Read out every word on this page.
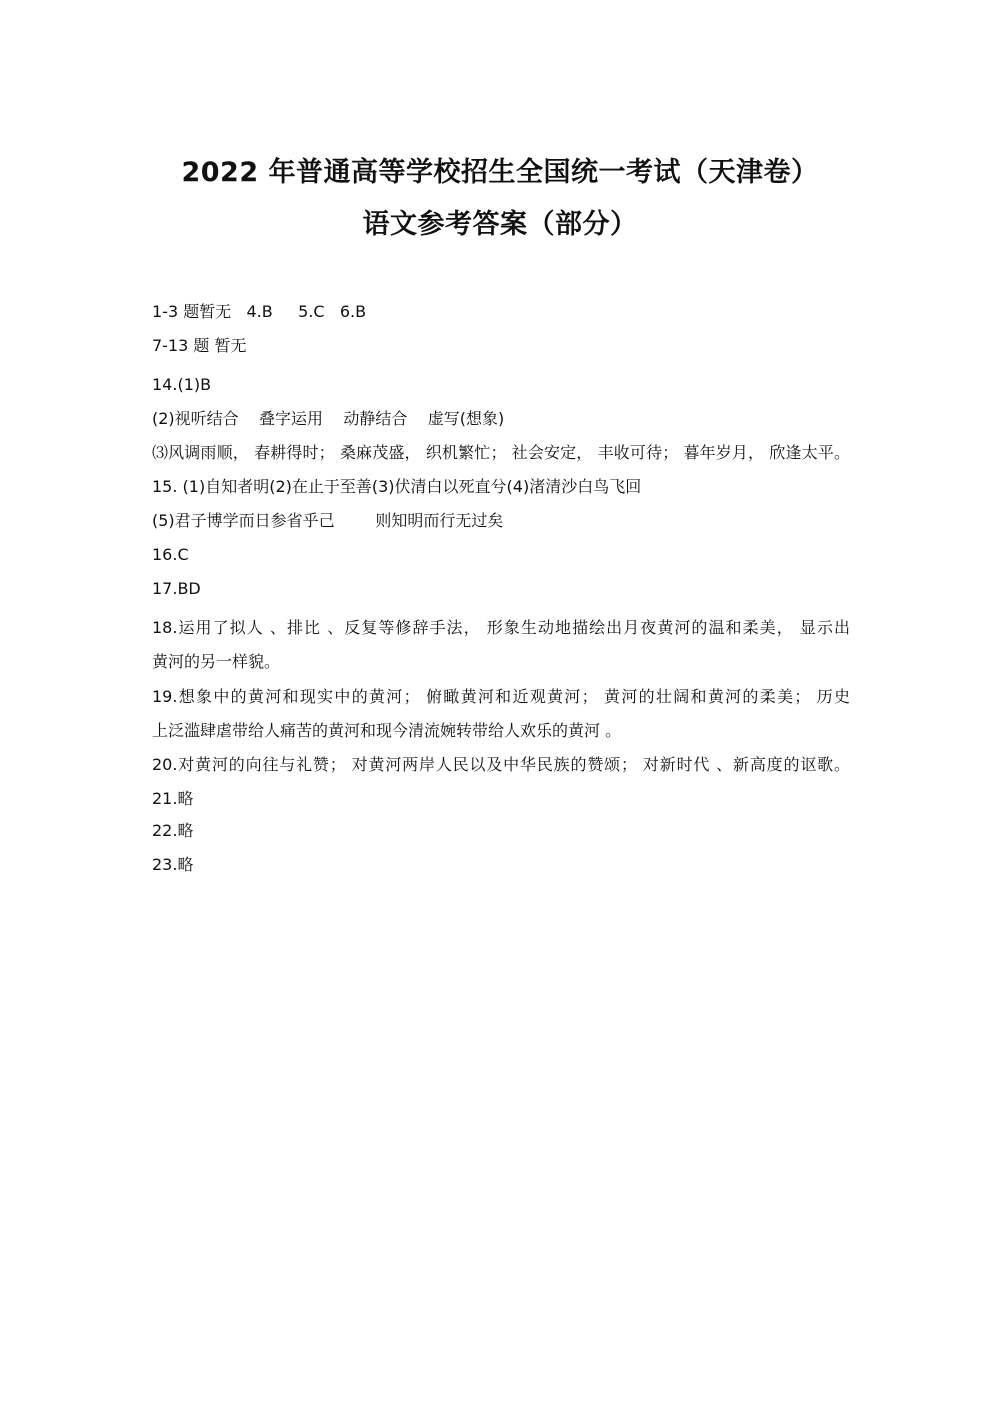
2022 年普通高等学校招生全国统一考试（天津卷）
语文参考答案（部分）

1-3 题暂无   4.B     5.C   6.B

7-13 题 暂无

14.(1)B

(2)视听结合    叠字运用    动静结合    虚写(想象)

⑶风调雨顺， 春耕得时； 桑麻茂盛， 织机繁忙； 社会安定， 丰收可待； 暮年岁月， 欣逢太平。

15. (1)自知者明(2)在止于至善(3)伏清白以死直兮(4)渚清沙白鸟飞回

(5)君子博学而日参省乎己        则知明而行无过矣

16.C

17.BD

18.运用了拟人 、排比 、反复等修辞手法， 形象生动地描绘出月夜黄河的温和柔美， 显示出

黄河的另一样貌。

19.想象中的黄河和现实中的黄河； 俯瞰黄河和近观黄河； 黄河的壮阔和黄河的柔美； 历史

上泛滥肆虐带给人痛苦的黄河和现今清流婉转带给人欢乐的黄河 。

20.对黄河的向往与礼赞； 对黄河两岸人民以及中华民族的赞颂； 对新时代 、新高度的讴歌。

21.略

22.略

23.略
